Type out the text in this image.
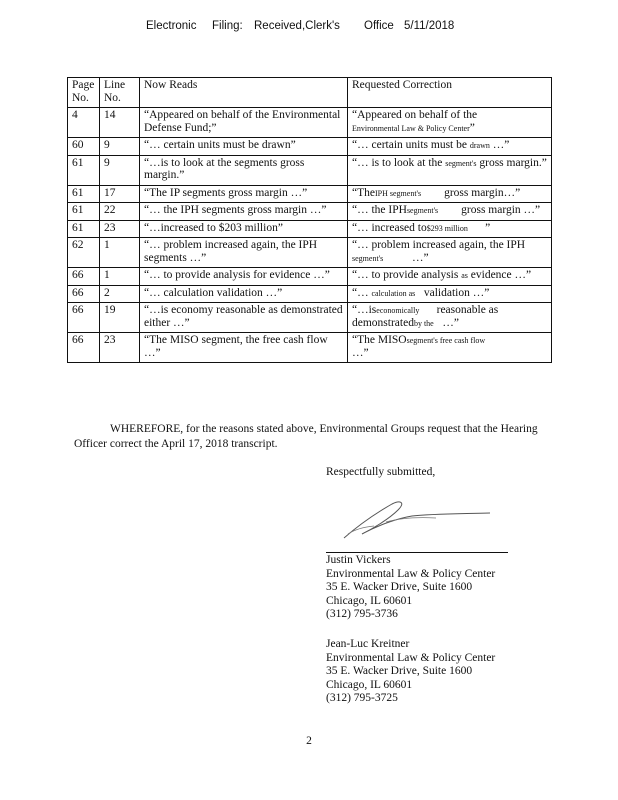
Electronic Filing: Received,Clerk's Office 5/11/2018
Page No.	Line No.	Now Reads	Requested Correction
4	14	“Appeared on behalf of the Environmental Defense Fund;”	“Appeared on behalf of the
Environmental Law & Policy Center”
60	9	“… certain units must be drawn”	“… certain units must be drawn …”
61	9	“…is to look at the segments gross margin.”	“… is to look at the segment's gross margin.”
61	17	“The IP segments gross margin …”	“TheIPH segment's gross margin…”
61	22	“… the IPH segments gross margin …”	“… the IPHsegment's gross margin …”
61	23	“…increased to $203 million”	“… increased to$293 million ”
62	1	“… problem increased again, the IPH segments …”	“… problem increased again, the IPH
segment's …”
66	1	“… to provide analysis for evidence …”	“… to provide analysis as evidence …”
66	2	“… calculation validation …”	“… calculation as validation …”
66	19	“…is economy reasonable as demonstrated either …”	“…iseconomically reasonable as demonstratedby the …”
66	23	“The MISO segment, the free cash flow …”	“The MISOsegment's free cash flow
…”
WHEREFORE, for the reasons stated above, Environmental Groups request that the Hearing Officer correct the April 17, 2018 transcript.
Respectfully submitted,
Justin Vickers
Environmental Law & Policy Center
35 E. Wacker Drive, Suite 1600
Chicago, IL 60601
(312) 795-3736
Jean-Luc Kreitner
Environmental Law & Policy Center
35 E. Wacker Drive, Suite 1600
Chicago, IL 60601
(312) 795-3725
2
